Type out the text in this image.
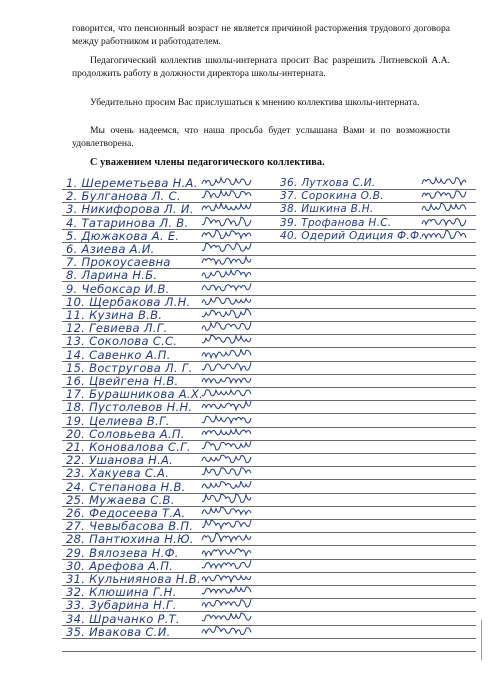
говорится, что пенсионный возраст не является причиной расторжения трудового договора между работником и работодателем.

Педагогический коллектив школы-интерната просит Вас разрешить Литневской А.А. продолжить работу в должности директора школы-интерната.

Убедительно просим Вас прислушаться к мнению коллектива школы-интерната.

Мы очень надеемся, что наша просьба будет услышана Вами и по возможности удовлетворена.

С уважением члены педагогического коллектива.
1. Шереметьева Н.А.
2. Булганова Л. С.
3. Никифорова Л. И.
4. Татаринова Л. В.
5. Дюжакова А. Е.
6. Азиева А.И.
7. Прокоусаевна
8. Ларина Н.Б.
9. Чебоксар И.В.
10. Щербакова Л.Н.
11. Кузина В.В.
12. Гевиева Л.Г.
13. Соколова С.С.
14. Савенко А.П.
15. Востругова Л. Г.
16. Цвейгена Н.В.
17. Бурашникова А.Х.
18. Пустолевов Н.Н.
19. Целиева В.Г.
20. Соловьева А.П.
21. Коновалова С.Г.
22. Ушанова Н.А.
23. Хакуева С.А.
24. Степанова Н.В.
25. Мужаева С.В.
26. Федосеева Т.А.
27. Чевыбасова В.П.
28. Пантюхина Н.Ю.
29. Вялозева Н.Ф.
30. Арефова А.П.
31. Кульниянова Н.В.
32. Клюшина Г.Н.
33. Зубарина Н.Г.
34. Шрачанко Р.Т.
35. Ивакова С.И.
36. Лутхова С.И.
37. Сорокина О.В.
38. Ишкина В.Н.
39. Трофанова Н.С.
40. Одерий Одиция Ф.Ф.
